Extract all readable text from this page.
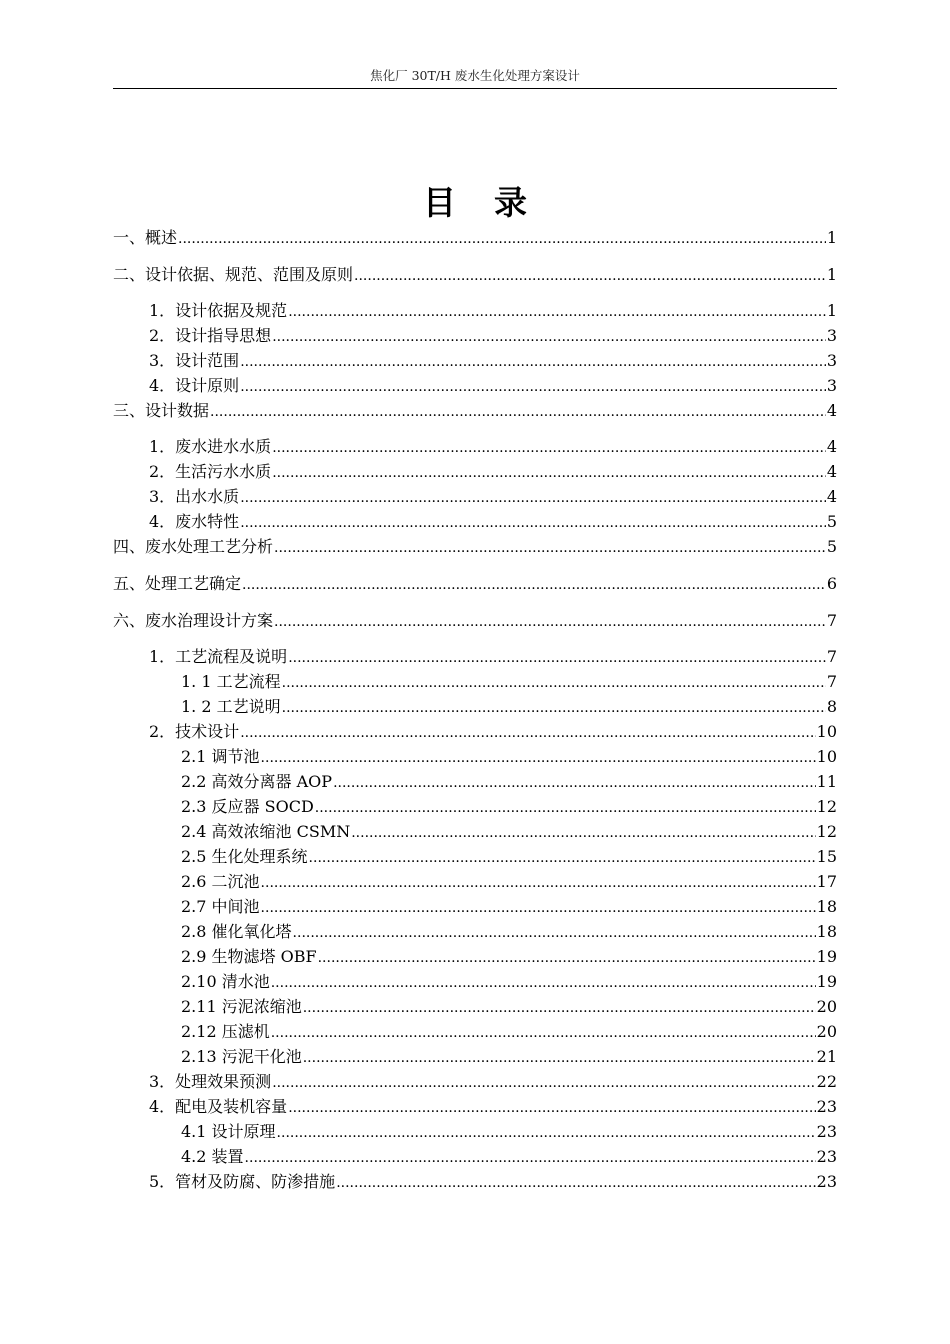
焦化厂 30T/H 废水生化处理方案设计
目录
一、概述 .....	1
二、设计依据、规范、范围及原则 .....	1
1．设计依据及规范 .....	1
2．设计指导思想 .....	3
3．设计范围 .....	3
4．设计原则 .....	3
三、设计数据 .....	4
1．废水进水水质 .....	4
2．生活污水水质 .....	4
3．出水水质 .....	4
4．废水特性 .....	5
四、废水处理工艺分析 .....	5
五、处理工艺确定 .....	6
六、废水治理设计方案 .....	7
1．工艺流程及说明 .....	7
1. 1 工艺流程 .....	7
1. 2 工艺说明 .....	8
2．技术设计 .....	10
2.1 调节池 .....	10
2.2 高效分离器 AOP .....	11
2.3 反应器 SOCD .....	12
2.4 高效浓缩池 CSMN .....	12
2.5 生化处理系统 .....	15
2.6 二沉池 .....	17
2.7 中间池 .....	18
2.8 催化氧化塔 .....	18
2.9 生物滤塔 OBF .....	19
2.10 清水池 .....	19
2.11 污泥浓缩池 .....	20
2.12 压滤机 .....	20
2.13 污泥干化池 .....	21
3．处理效果预测 .....	22
4．配电及装机容量 .....	23
4.1 设计原理 .....	23
4.2 装置 .....	23
5．管材及防腐、防渗措施 .....	23
